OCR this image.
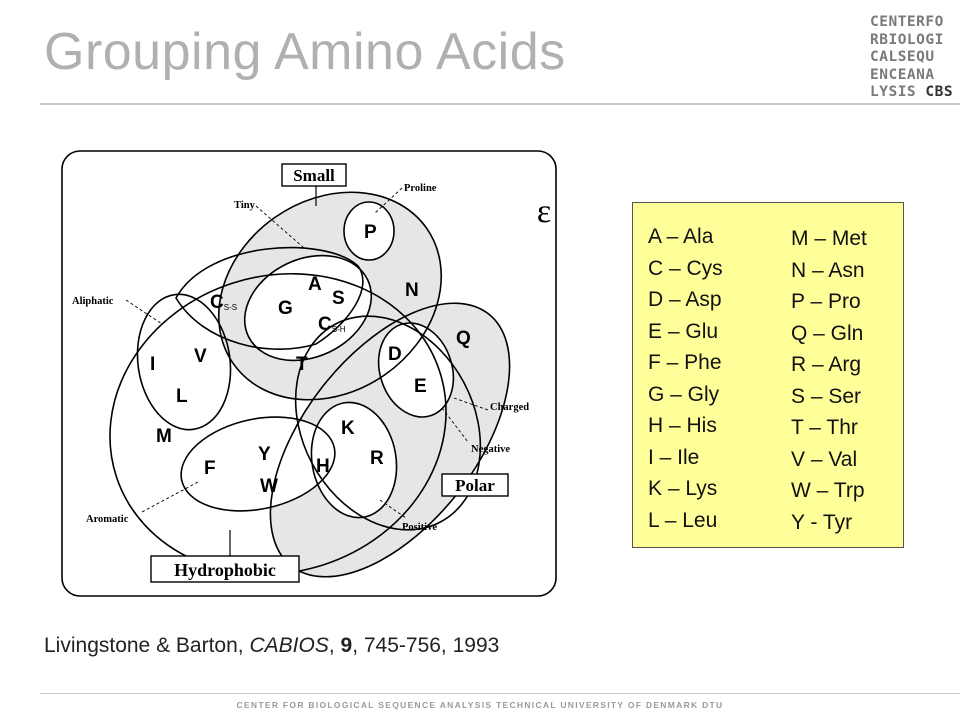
Grouping Amino Acids
CENTERFO
RBIOLOGI
CALSEQU
ENCEANA
LYSIS CBS
Small
Polar
Hydrophobic
Tiny
Proline
Aliphatic
Charged
Negative
Positive
Aromatic
ε
P
A
S	N
G
I V
L
T	D
Q
E
M	K
R
Y
H
F
W
CS-S
CS-H
A – Ala
C – Cys
D – Asp
E – Glu
F – Phe
G – Gly
H – His
I – Ile
K – Lys
L – Leu
M – Met
N – Asn
P – Pro
Q – Gln
R – Arg
S – Ser
T – Thr
V – Val
W – Trp
Y - Tyr
Livingstone & Barton, CABIOS, 9, 745-756, 1993
CENTER FOR BIOLOGICAL SEQUENCE ANALYSIS TECHNICAL UNIVERSITY OF DENMARK DTU
